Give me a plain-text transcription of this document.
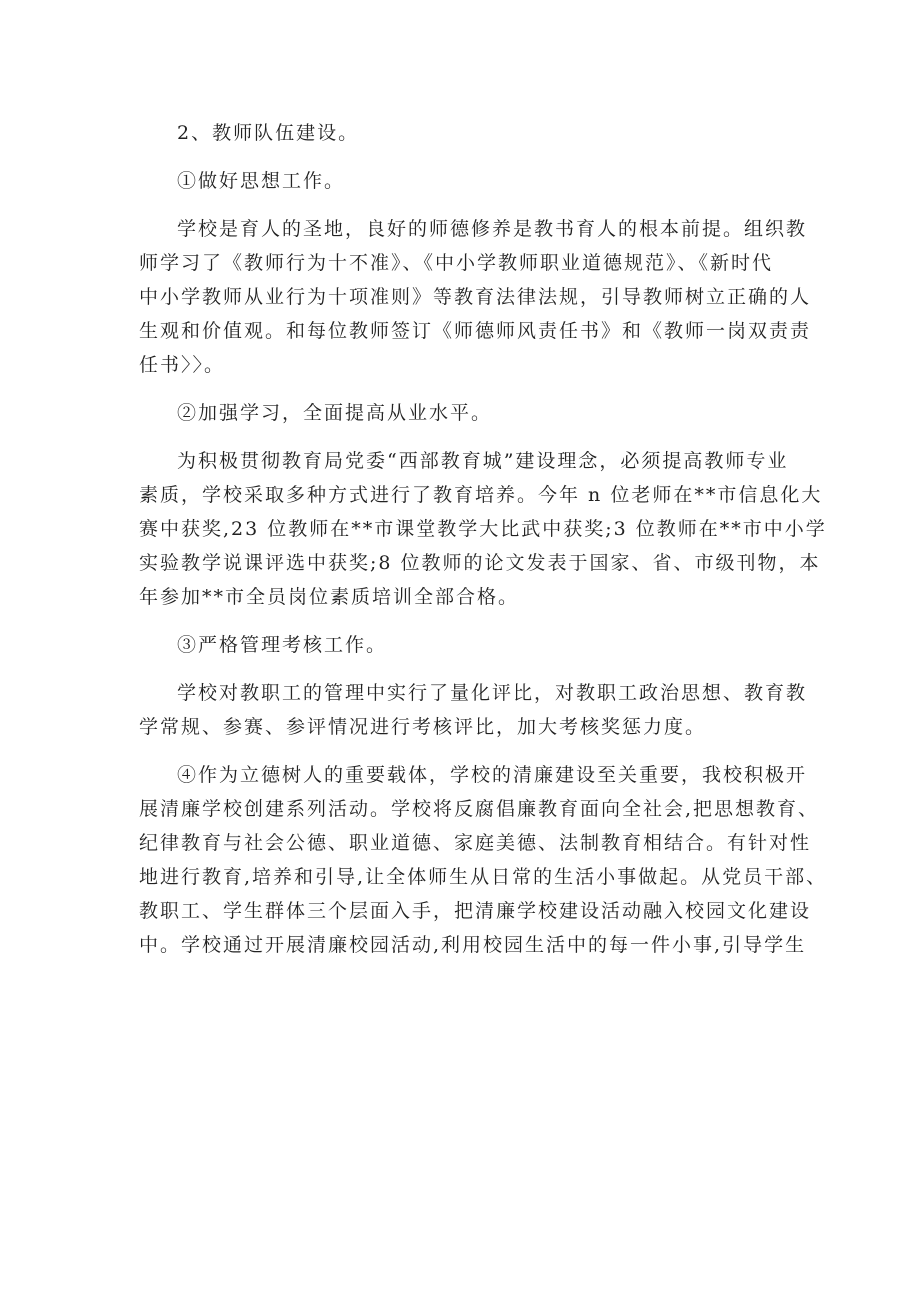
2、教师队伍建设。

①做好思想工作。

学校是育人的圣地，良好的师德修养是教书育人的根本前提。组织教
师学习了《教师行为十不准》、《中小学教师职业道德规范》、《新时代
中小学教师从业行为十项准则》等教育法律法规，引导教师树立正确的人
生观和价值观。和每位教师签订《师德师风责任书》和《教师一岗双责责
任书〉〉。

②加强学习，全面提高从业水平。

为积极贯彻教育局党委“西部教育城”建设理念，必须提高教师专业
素质，学校采取多种方式进行了教育培养。今年 n 位老师在**市信息化大
赛中获奖,23 位教师在**市课堂教学大比武中获奖;3 位教师在**市中小学
实验教学说课评选中获奖;8 位教师的论文发表于国家、省、市级刊物，本
年参加**市全员岗位素质培训全部合格。

③严格管理考核工作。

学校对教职工的管理中实行了量化评比，对教职工政治思想、教育教
学常规、参赛、参评情况进行考核评比，加大考核奖惩力度。
④作为立德树人的重要载体，学校的清廉建设至关重要，我校积极开
展清廉学校创建系列活动。学校将反腐倡廉教育面向全社会,把思想教育、
纪律教育与社会公德、职业道德、家庭美德、法制教育相结合。有针对性
地进行教育,培养和引导,让全体师生从日常的生活小事做起。从党员干部、
教职工、学生群体三个层面入手，把清廉学校建设活动融入校园文化建设
中。学校通过开展清廉校园活动,利用校园生活中的每一件小事,引导学生
